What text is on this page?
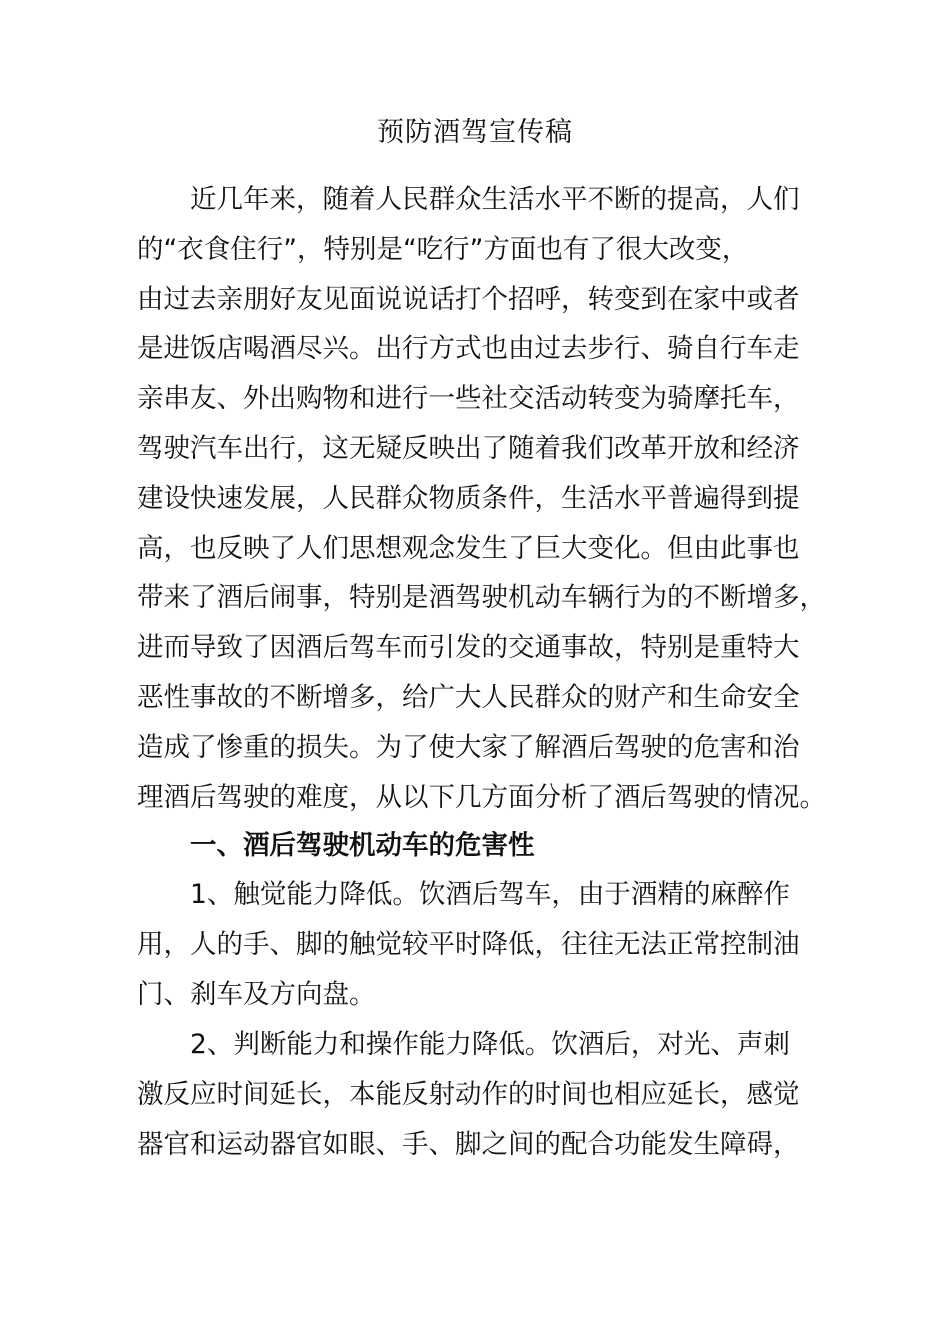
预防酒驾宣传稿
近几年来，随着人民群众生活水平不断的提高，人们
的“衣食住行”，特别是“吃行”方面也有了很大改变，
由过去亲朋好友见面说说话打个招呼，转变到在家中或者
是进饭店喝酒尽兴。出行方式也由过去步行、骑自行车走
亲串友、外出购物和进行一些社交活动转变为骑摩托车，
驾驶汽车出行，这无疑反映出了随着我们改革开放和经济
建设快速发展，人民群众物质条件，生活水平普遍得到提
高，也反映了人们思想观念发生了巨大变化。但由此事也
带来了酒后闹事，特别是酒驾驶机动车辆行为的不断增多，
进而导致了因酒后驾车而引发的交通事故，特别是重特大
恶性事故的不断增多，给广大人民群众的财产和生命安全
造成了惨重的损失。为了使大家了解酒后驾驶的危害和治
理酒后驾驶的难度，从以下几方面分析了酒后驾驶的情况。
一、酒后驾驶机动车的危害性
1、触觉能力降低。饮酒后驾车，由于酒精的麻醉作
用，人的手、脚的触觉较平时降低，往往无法正常控制油
门、刹车及方向盘。
2、判断能力和操作能力降低。饮酒后，对光、声刺
激反应时间延长，本能反射动作的时间也相应延长，感觉
器官和运动器官如眼、手、脚之间的配合功能发生障碍，
